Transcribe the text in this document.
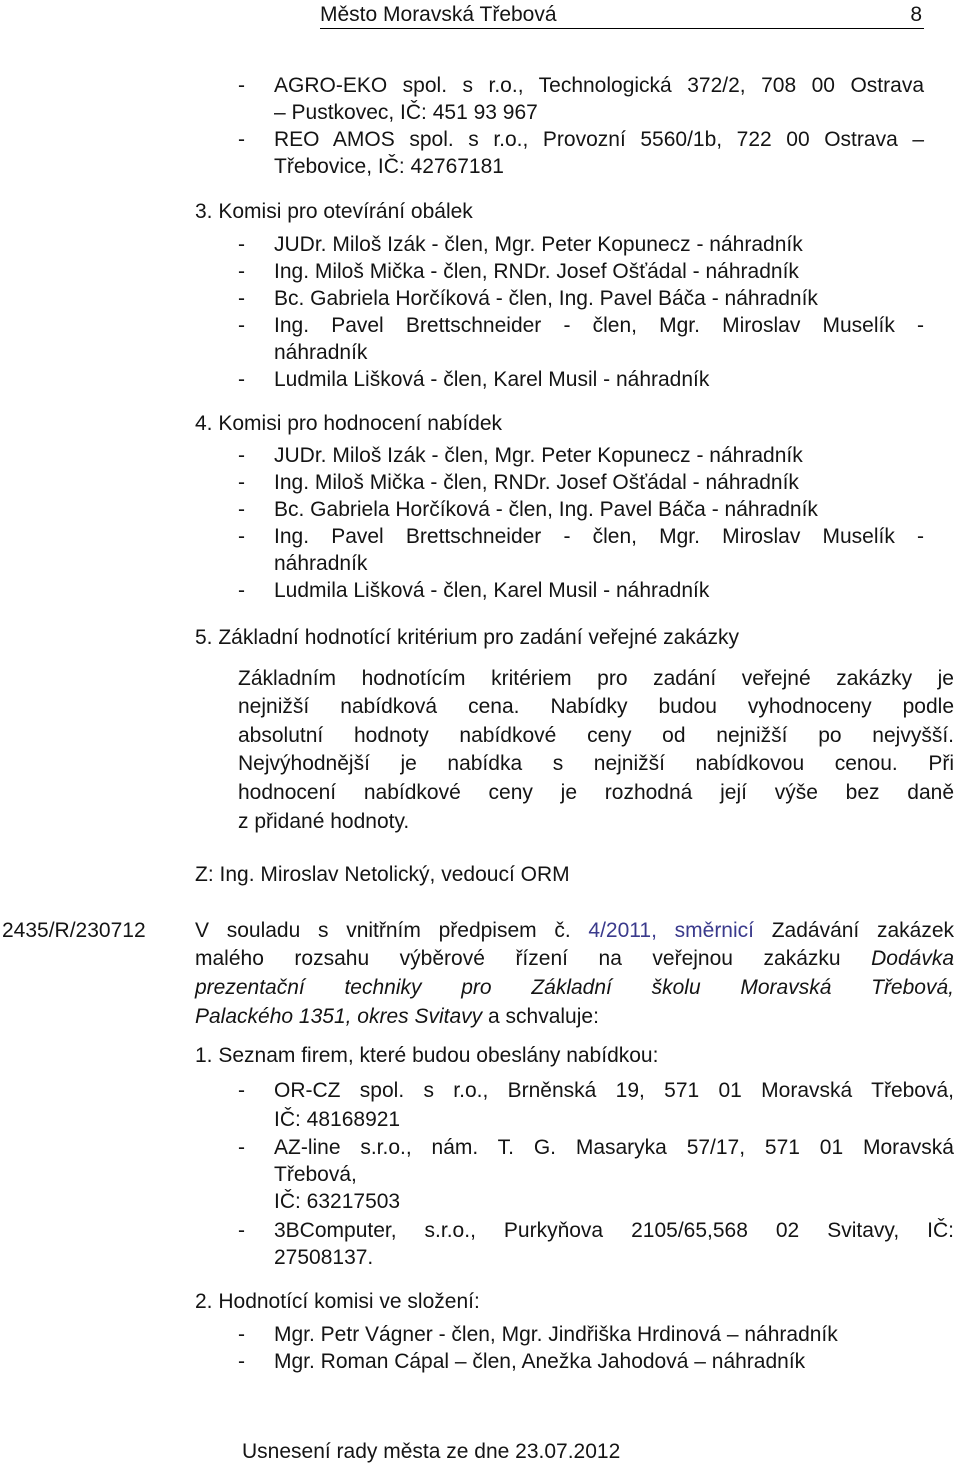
Město Moravská Třebová	8
- AGRO-EKO spol. s r.o., Technologická 372/2, 708 00 Ostrava
– Pustkovec, IČ: 451 93 967
- REO AMOS spol. s r.o., Provozní 5560/1b, 722 00 Ostrava –
Třebovice, IČ: 42767181
3. Komisi pro otevírání obálek
- JUDr. Miloš Izák - člen, Mgr. Peter Kopunecz - náhradník
- Ing. Miloš Mička - člen, RNDr. Josef Ošťádal - náhradník
- Bc. Gabriela Horčíková - člen, Ing. Pavel Báča - náhradník
- Ing. Pavel Brettschneider - člen, Mgr. Miroslav Muselík -
náhradník
- Ludmila Lišková - člen, Karel Musil - náhradník
4. Komisi pro hodnocení nabídek
- JUDr. Miloš Izák - člen, Mgr. Peter Kopunecz - náhradník
- Ing. Miloš Mička - člen, RNDr. Josef Ošťádal - náhradník
- Bc. Gabriela Horčíková - člen, Ing. Pavel Báča - náhradník
- Ing. Pavel Brettschneider - člen, Mgr. Miroslav Muselík -
náhradník
- Ludmila Lišková - člen, Karel Musil - náhradník
5. Základní hodnotící kritérium pro zadání veřejné zakázky
Základním hodnotícím kritériem pro zadání veřejné zakázky je
nejnižší nabídková cena. Nabídky budou vyhodnoceny podle
absolutní hodnoty nabídkové ceny od nejnižší po nejvyšší.
Nejvýhodnější je nabídka s nejnižší nabídkovou cenou. Při
hodnocení nabídkové ceny je rozhodná její výše bez daně
z přidané hodnoty.
Z: Ing. Miroslav Netolický, vedoucí ORM
2435/R/230712 V souladu s vnitřním předpisem č. 4/2011, směrnicí Zadávání zakázek
malého rozsahu výběrové řízení na veřejnou zakázku Dodávka
prezentační techniky pro Základní školu Moravská Třebová,
Palackého 1351, okres Svitavy a schvaluje:
1. Seznam firem, které budou obeslány nabídkou:
- OR-CZ spol. s r.o., Brněnská 19, 571 01 Moravská Třebová,
IČ: 48168921
- AZ-line s.r.o., nám. T. G. Masaryka 57/17, 571 01 Moravská
Třebová,
IČ: 63217503
- 3BComputer, s.r.o., Purkyňova 2105/65,568 02 Svitavy, IČ:
27508137.
2. Hodnotící komisi ve složení:
- Mgr. Petr Vágner - člen, Mgr. Jindřiška Hrdinová – náhradník
- Mgr. Roman Cápal – člen, Anežka Jahodová – náhradník
Usnesení rady města ze dne 23.07.2012
